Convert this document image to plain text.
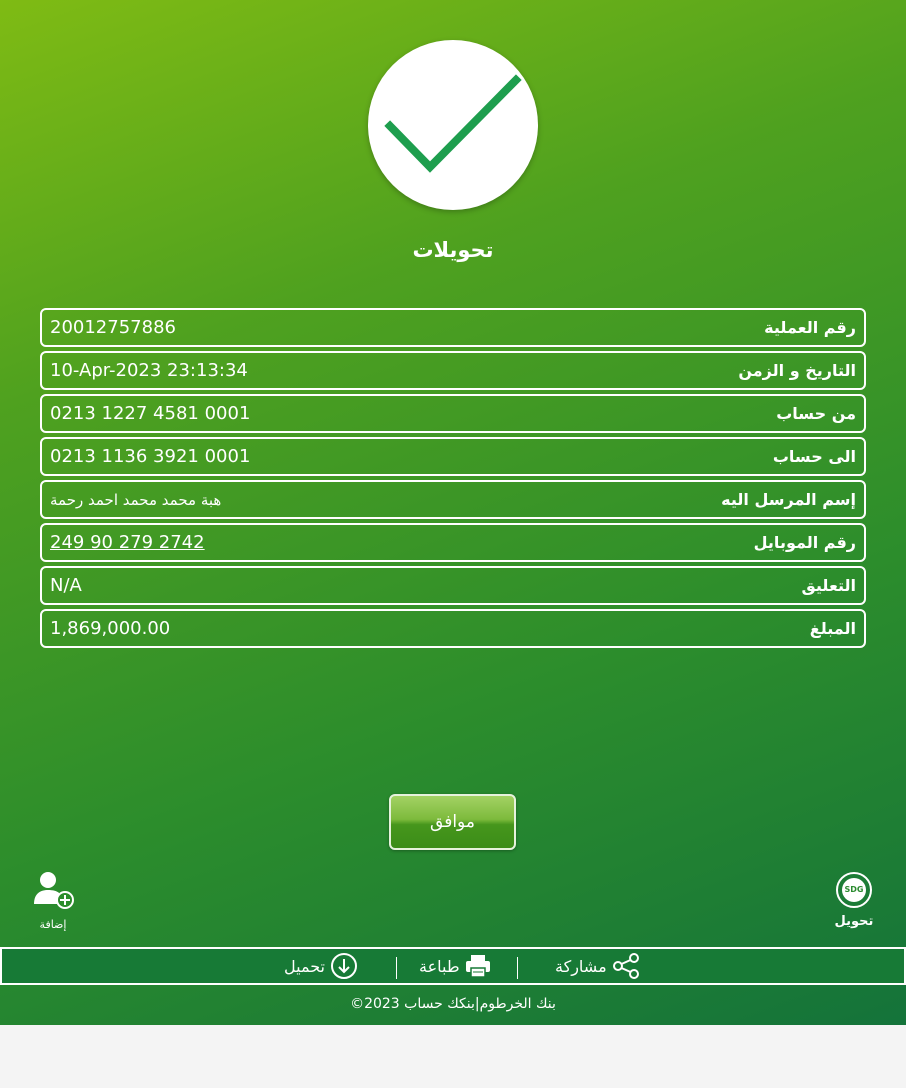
تحويلات
20012757886	رقم العملية
10-Apr-2023 23:13:34	التاريخ و الزمن
0213 1227 4581 0001	من حساب
0213 1136 3921 0001	الى حساب
هبة محمد محمد احمد رحمة	إسم المرسل اليه
249 90 279 2742	رقم الموبايل
N/A	التعليق
1,869,000.00	المبلغ
موافق
إضافة
SDG
تحويل
مشاركة
طباعة
تحميل
©2023 بنك الخرطوم|بنكك حساب
